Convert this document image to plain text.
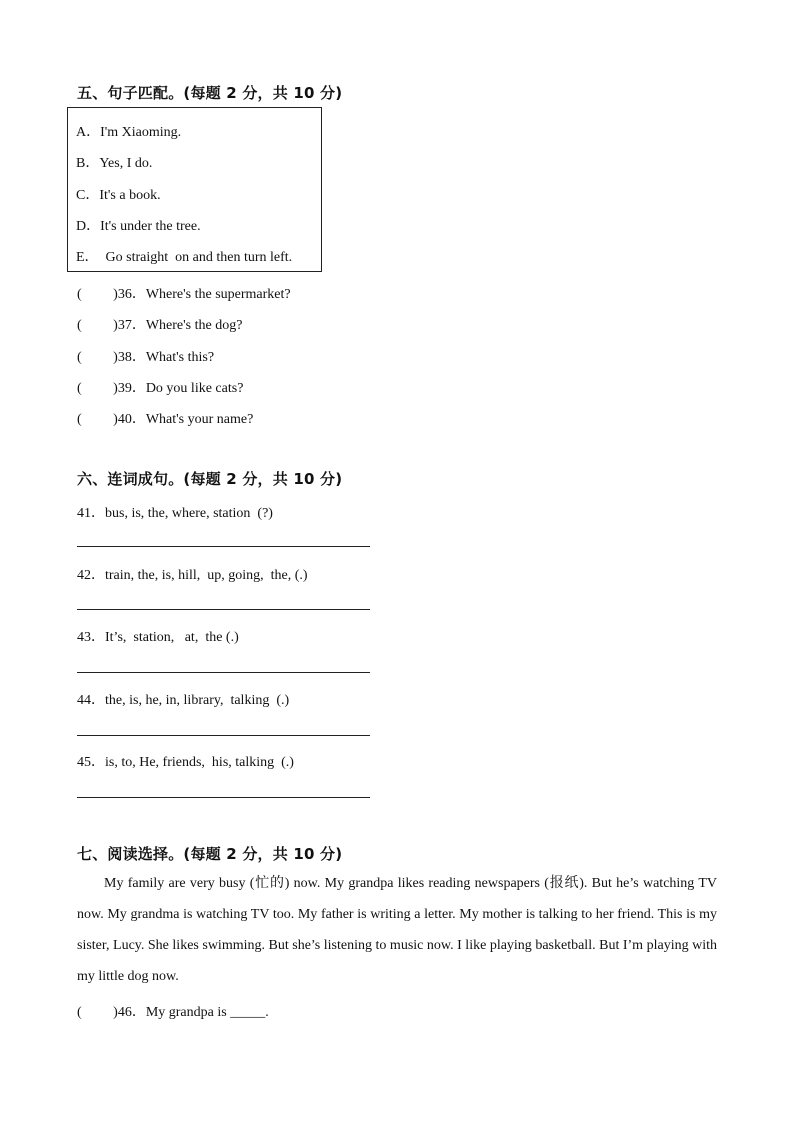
五、句子匹配。(每题 2 分，共 10 分)
A．I'm Xiaoming.
B．Yes, I do.
C．It's a book.
D．It's under the tree.
E．  Go straight  on and then turn left.
(         )36．Where's the supermarket?
(         )37．Where's the dog?
(         )38．What's this?
(         )39．Do you like cats?
(         )40．What's your name?
六、连词成句。(每题 2 分，共 10 分)
41．bus, is, the, where, station  (?)
42．train, the, is, hill,  up, going,  the, (.)
43．It’s,  station,   at,  the (.)
44．the, is, he, in, library,  talking  (.)
45．is, to, He, friends,  his, talking  (.)
七、阅读选择。(每题 2 分，共 10 分)

My family are very busy (忙的) now. My grandpa likes reading newspapers (报纸). But he’s watching TV now. My grandma is watching TV too. My father is writing a letter. My mother is talking to her friend. This is my sister, Lucy. She likes swimming. But she’s listening to music now. I like playing basketball. But I’m playing with my little dog now.

(         )46．My grandpa is _____.
